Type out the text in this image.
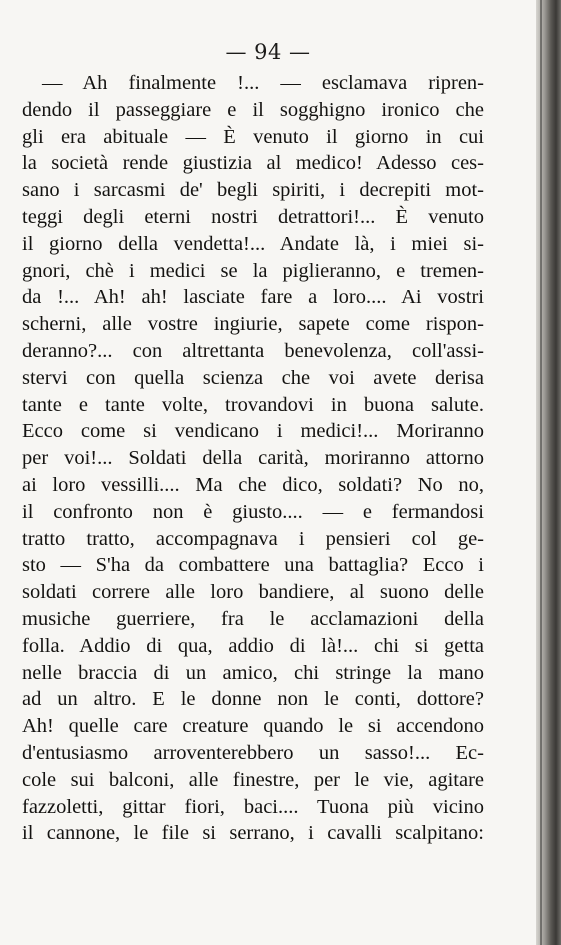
— 94 —
— Ah finalmente !... — esclamava ripren-
dendo il passeggiare e il sogghigno ironico che
gli era abituale — È venuto il giorno in cui
la società rende giustizia al medico! Adesso ces-
sano i sarcasmi de' begli spiriti, i decrepiti mot-
teggi degli eterni nostri detrattori!... È venuto
il giorno della vendetta!... Andate là, i miei si-
gnori, chè i medici se la piglieranno, e tremen-
da !... Ah! ah! lasciate fare a loro.... Ai vostri
scherni, alle vostre ingiurie, sapete come rispon-
deranno?... con altrettanta benevolenza, coll'assi-
stervi con quella scienza che voi avete derisa
tante e tante volte, trovandovi in buona salute.
Ecco come si vendicano i medici!... Moriranno
per voi!... Soldati della carità, moriranno attorno
ai loro vessilli.... Ma che dico, soldati? No no,
il confronto non è giusto.... — e fermandosi
tratto tratto, accompagnava i pensieri col ge-
sto — S'ha da combattere una battaglia? Ecco i
soldati correre alle loro bandiere, al suono delle
musiche guerriere, fra le acclamazioni della
folla. Addio di qua, addio di là!... chi si getta
nelle braccia di un amico, chi stringe la mano
ad un altro. E le donne non le conti, dottore?
Ah! quelle care creature quando le si accendono
d'entusiasmo arroventerebbero un sasso!... Ec-
cole sui balconi, alle finestre, per le vie, agitare
fazzoletti, gittar fiori, baci.... Tuona più vicino
il cannone, le file si serrano, i cavalli scalpitano:
